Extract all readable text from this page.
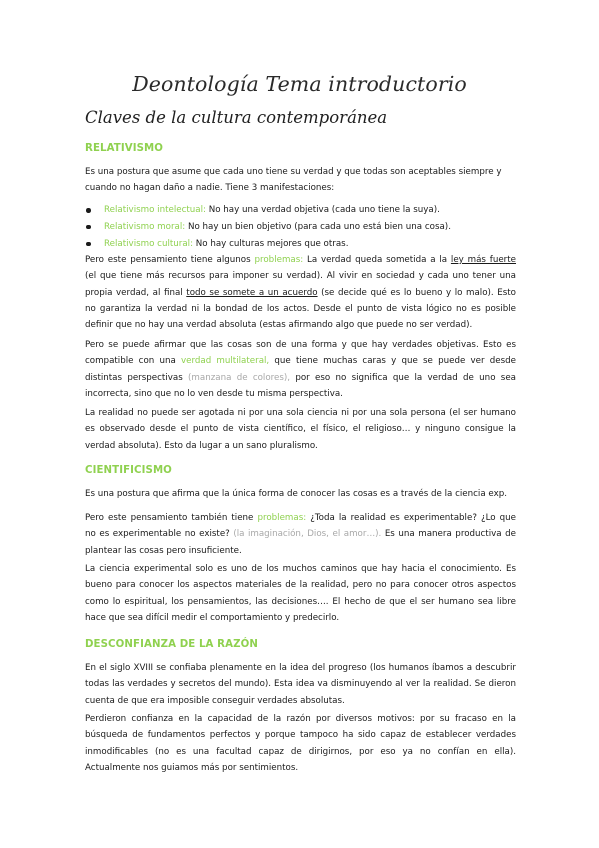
Deontología Tema introductorio
Claves de la cultura contemporánea
RELATIVISMO
Es una postura que asume que cada uno tiene su verdad y que todas son aceptables siempre y
cuando no hagan daño a nadie. Tiene 3 manifestaciones:
Relativismo intelectual: No hay una verdad objetiva (cada uno tiene la suya).
Relativismo moral: No hay un bien objetivo (para cada uno está bien una cosa).
Relativismo cultural: No hay culturas mejores que otras.
Pero este pensamiento tiene algunos problemas: La verdad queda sometida a la ley más fuerte
(el que tiene más recursos para imponer su verdad). Al vivir en sociedad y cada uno tener una
propia verdad, al final todo se somete a un acuerdo (se decide qué es lo bueno y lo malo). Esto
no garantiza la verdad ni la bondad de los actos. Desde el punto de vista lógico no es posible
definir que no hay una verdad absoluta (estas afirmando algo que puede no ser verdad).
Pero se puede afirmar que las cosas son de una forma y que hay verdades objetivas. Esto es
compatible con una verdad multilateral, que tiene muchas caras y que se puede ver desde
distintas perspectivas (manzana de colores), por eso no significa que la verdad de uno sea
incorrecta, sino que no lo ven desde tu misma perspectiva.
La realidad no puede ser agotada ni por una sola ciencia ni por una sola persona (el ser humano
es observado desde el punto de vista científico, el físico, el religioso… y ninguno consigue la
verdad absoluta). Esto da lugar a un sano pluralismo.
CIENTIFICISMO
Es una postura que afirma que la única forma de conocer las cosas es a través de la ciencia exp.
Pero este pensamiento también tiene problemas: ¿Toda la realidad es experimentable? ¿Lo que
no es experimentable no existe? (la imaginación, Dios, el amor…). Es una manera productiva de
plantear las cosas pero insuficiente.
La ciencia experimental solo es uno de los muchos caminos que hay hacia el conocimiento. Es
bueno para conocer los aspectos materiales de la realidad, pero no para conocer otros aspectos
como lo espiritual, los pensamientos, las decisiones…. El hecho de que el ser humano sea libre
hace que sea difícil medir el comportamiento y predecirlo.
DESCONFIANZA DE LA RAZÓN
En el siglo XVIII se confiaba plenamente en la idea del progreso (los humanos íbamos a descubrir
todas las verdades y secretos del mundo). Esta idea va disminuyendo al ver la realidad. Se dieron
cuenta de que era imposible conseguir verdades absolutas.
Perdieron confianza en la capacidad de la razón por diversos motivos: por su fracaso en la
búsqueda de fundamentos perfectos y porque tampoco ha sido capaz de establecer verdades
inmodificables (no es una facultad capaz de dirigirnos, por eso ya no confían en ella).
Actualmente nos guiamos más por sentimientos.
